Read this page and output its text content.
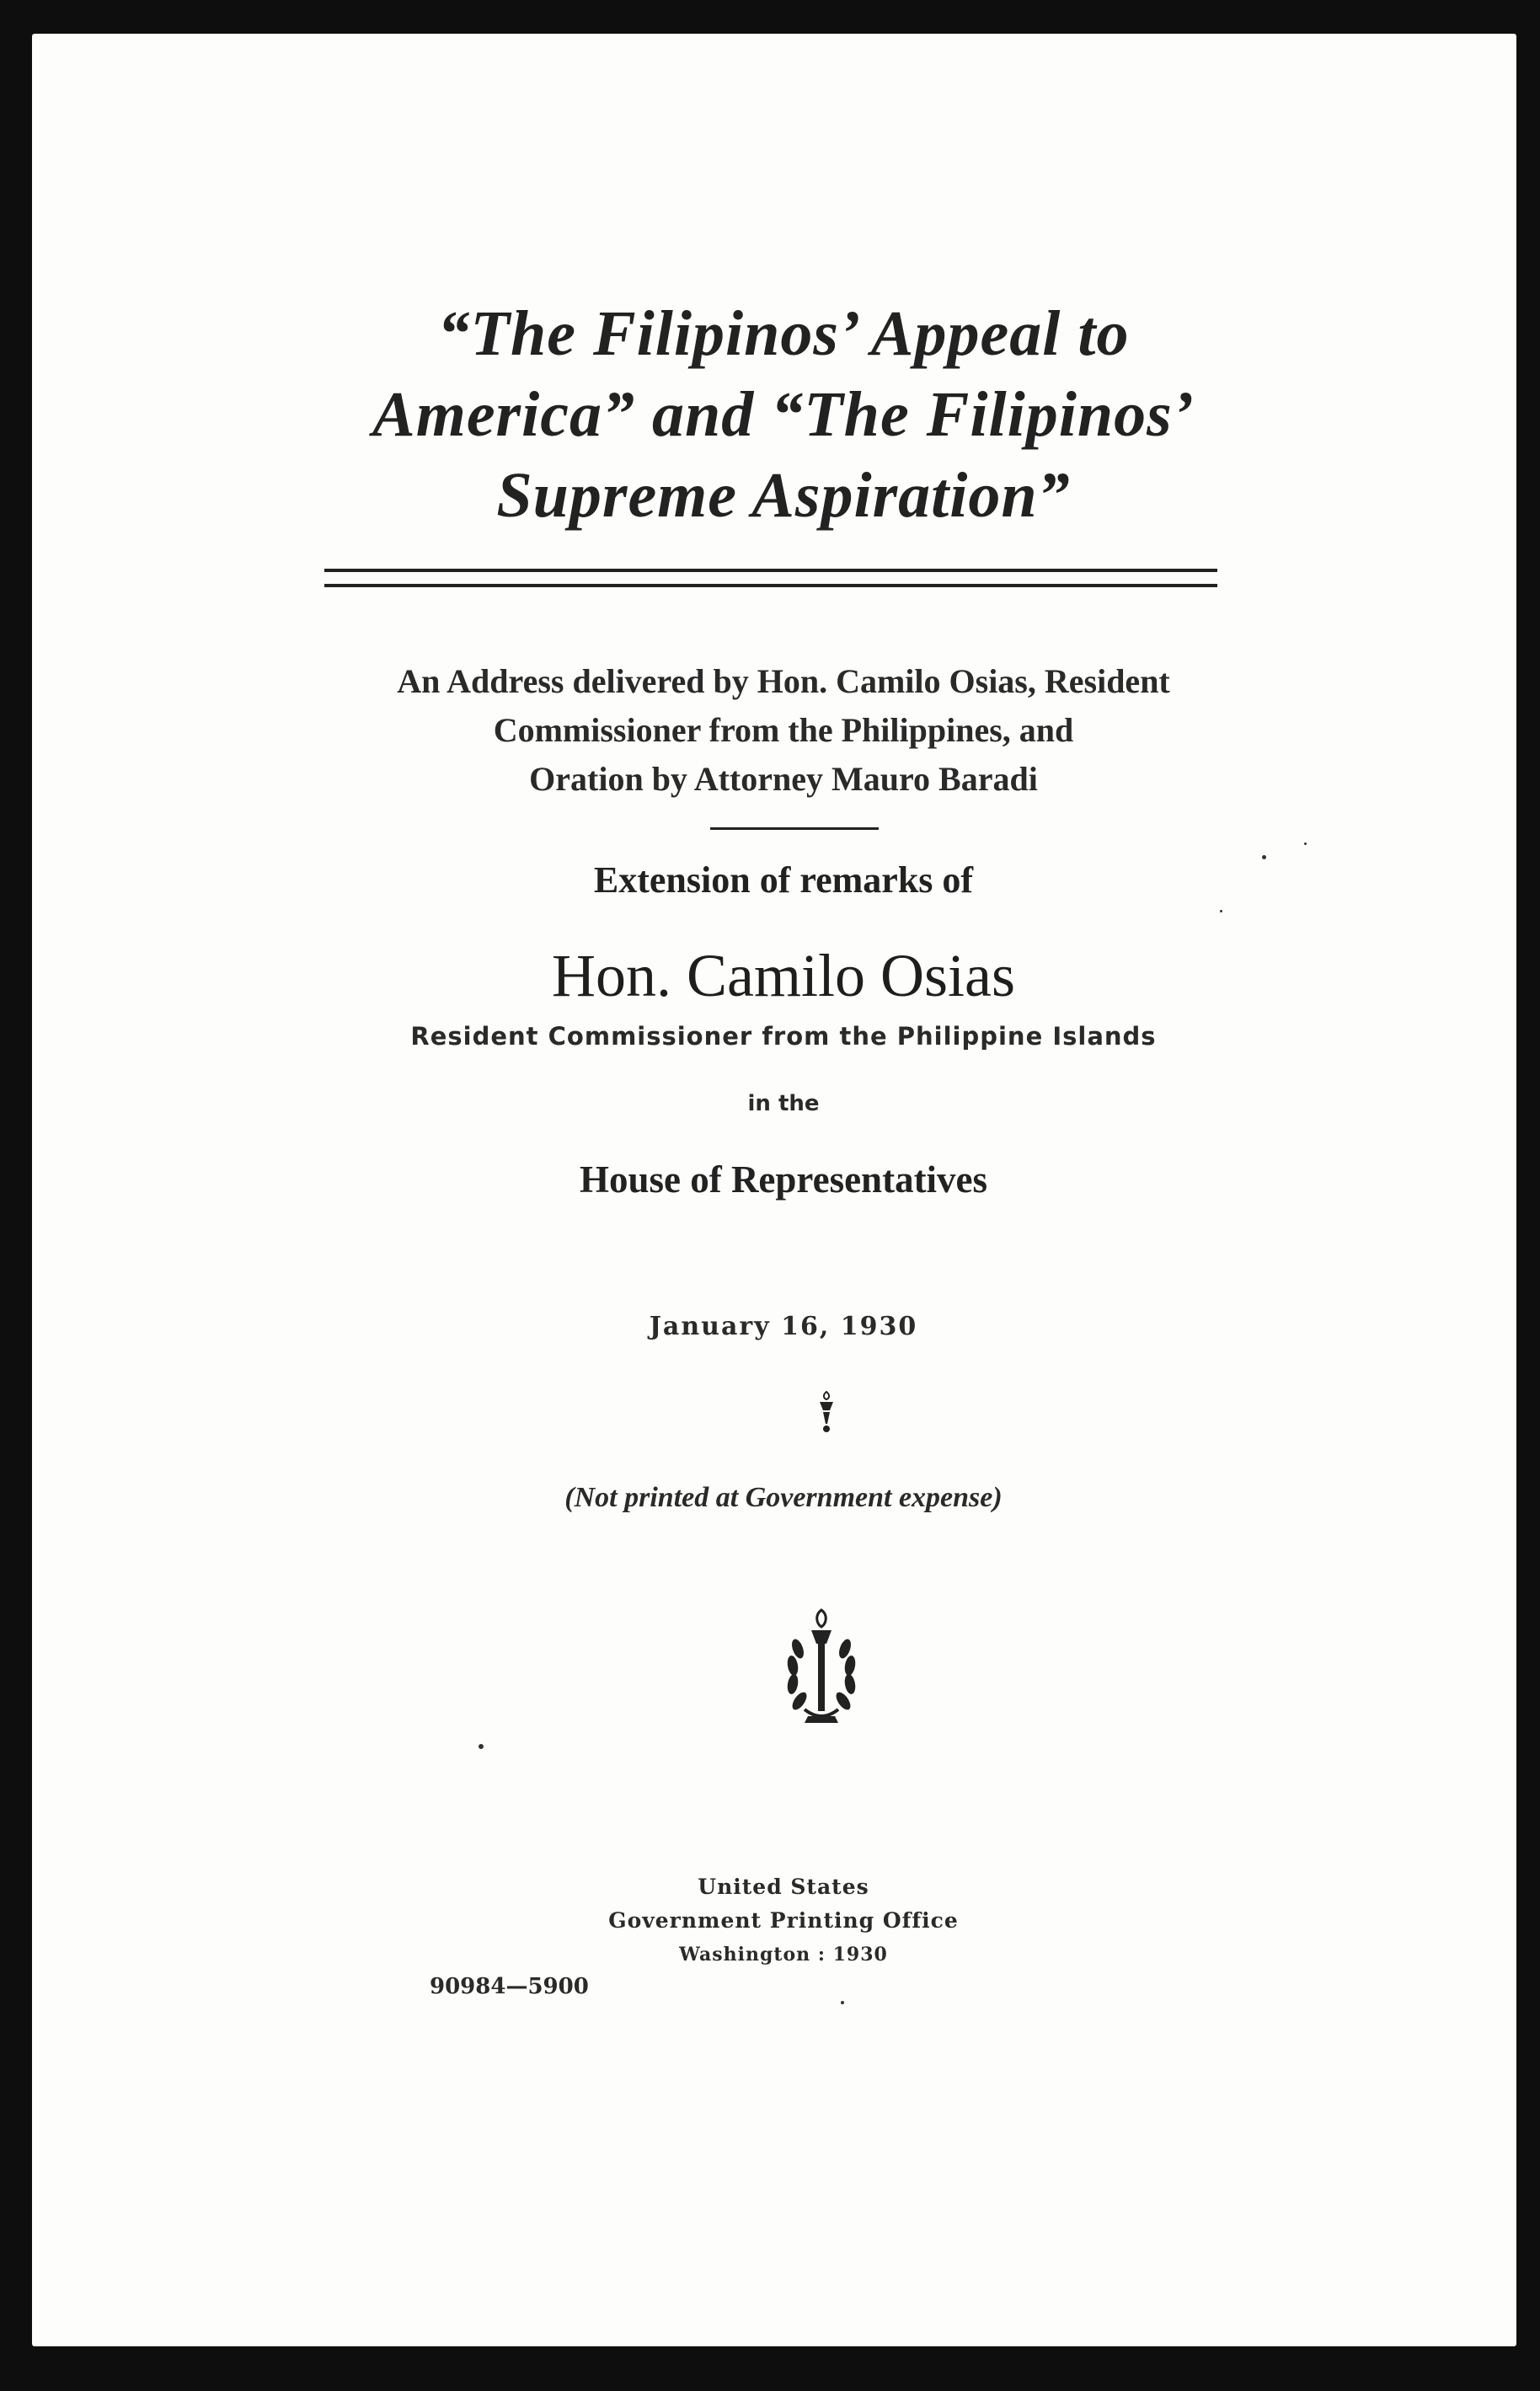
“The Filipinos’ Appeal to
America” and “The Filipinos’
Supreme Aspiration”

An Address delivered by Hon. Camilo Osias, Resident
Commissioner from the Philippines, and
Oration by Attorney Mauro Baradi

Extension of remarks of

Hon. Camilo Osias

Resident Commissioner from the Philippine Islands

in the

House of Representatives

January 16, 1930

(Not printed at Government expense)

United States
Government Printing Office
Washington : 1930

90984—5900
